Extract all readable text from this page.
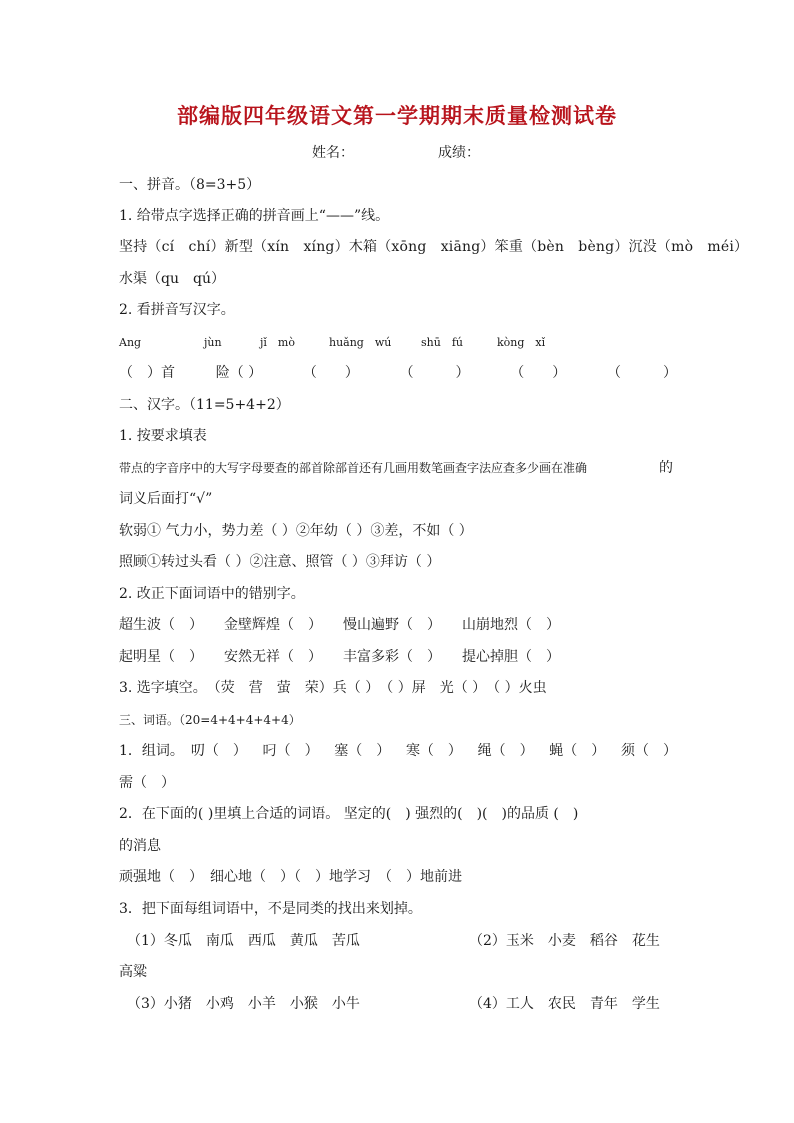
部编版四年级语文第一学期期末质量检测试卷
姓名：	成绩：
一、拼音。（8=3+5）
1. 给带点字选择正确的拼音画上“——”线。
坚持（cí　chí） 新型（xín　xíng） 木箱（xōng　xiāng） 笨重（bèn　bèng） 沉没（mò　méi）
水渠（qu　qú）
2. 看拼音写汉字。
Ang	jùn	jǐ　mò	huǎng　wú	shū　fú	kòng　xǐ
（　）首	险（ ）	（　　）	（　　　）	（　　）	（　　　）
二、汉字。（11=5+4+2）
1. 按要求填表
带点的字音序中的大写字母要查的部首除部首还有几画用数笔画查字法应查多少画在准确	的
词义后面打“√”
软弱① 气力小，势力差（ ）②年幼（ ）③差，不如（ ）
照顾①转过头看（ ）②注意、照管（ ）③拜访（ ）
2. 改正下面词语中的错别字。
超生波（　） 金壁辉煌（　） 慢山遍野（　） 山崩地烈（　）
起明星（　） 安然无祥（　） 丰富多彩（　） 提心掉胆（　）
3. 选字填空。　（荧　营　萤　荣）兵（ ）　（ ）屏　光（ ）　（ ）火虫
三、词语。（20=4+4+4+4+4）
1．组词。　叨（　） 叼（　） 塞（　） 寒（　） 绳（　） 蝇（　） 须（　）
需（　）
2．在下面的( )里填上合适的词语。 坚定的(　) 强烈的(　)(　)的品质 (　)
的消息
顽强地（　）　细心地（　）（　）地学习　（　）地前进
3．把下面每组词语中，不是同类的找出来划掉。
（1）冬瓜　南瓜　西瓜　黄瓜　苦瓜	（2）玉米　小麦　稻谷　花生
高粱
（3）小猪　小鸡　小羊　小猴　小牛	（4）工人　农民　青年　学生
